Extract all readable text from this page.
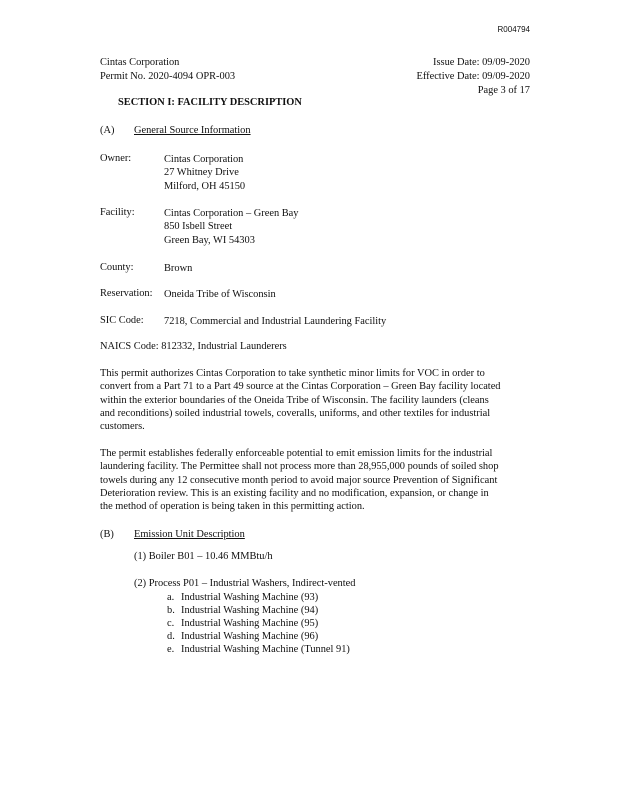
R004794
Cintas Corporation
Permit No. 2020-4094 OPR-003
Issue Date: 09/09-2020
Effective Date: 09/09-2020
Page 3 of 17
SECTION I: FACILITY DESCRIPTION
(A) General Source Information
Owner:	Cintas Corporation
27 Whitney Drive
Milford, OH 45150
Facility:	Cintas Corporation – Green Bay
850 Isbell Street
Green Bay, WI 54303
County:	Brown
Reservation: Oneida Tribe of Wisconsin
SIC Code: 7218, Commercial and Industrial Laundering Facility
NAICS Code: 812332, Industrial Launderers
This permit authorizes Cintas Corporation to take synthetic minor limits for VOC in order to
convert from a Part 71 to a Part 49 source at the Cintas Corporation – Green Bay facility located
within the exterior boundaries of the Oneida Tribe of Wisconsin. The facility launders (cleans
and reconditions) soiled industrial towels, coveralls, uniforms, and other textiles for industrial
customers.
The permit establishes federally enforceable potential to emit emission limits for the industrial
laundering facility. The Permittee shall not process more than 28,955,000 pounds of soiled shop
towels during any 12 consecutive month period to avoid major source Prevention of Significant
Deterioration review. This is an existing facility and no modification, expansion, or change in
the method of operation is being taken in this permitting action.
(B) Emission Unit Description
(1) Boiler B01 – 10.46 MMBtu/h
(2) Process P01 – Industrial Washers, Indirect-vented
a. Industrial Washing Machine (93)
b. Industrial Washing Machine (94)
c. Industrial Washing Machine (95)
d. Industrial Washing Machine (96)
e. Industrial Washing Machine (Tunnel 91)
